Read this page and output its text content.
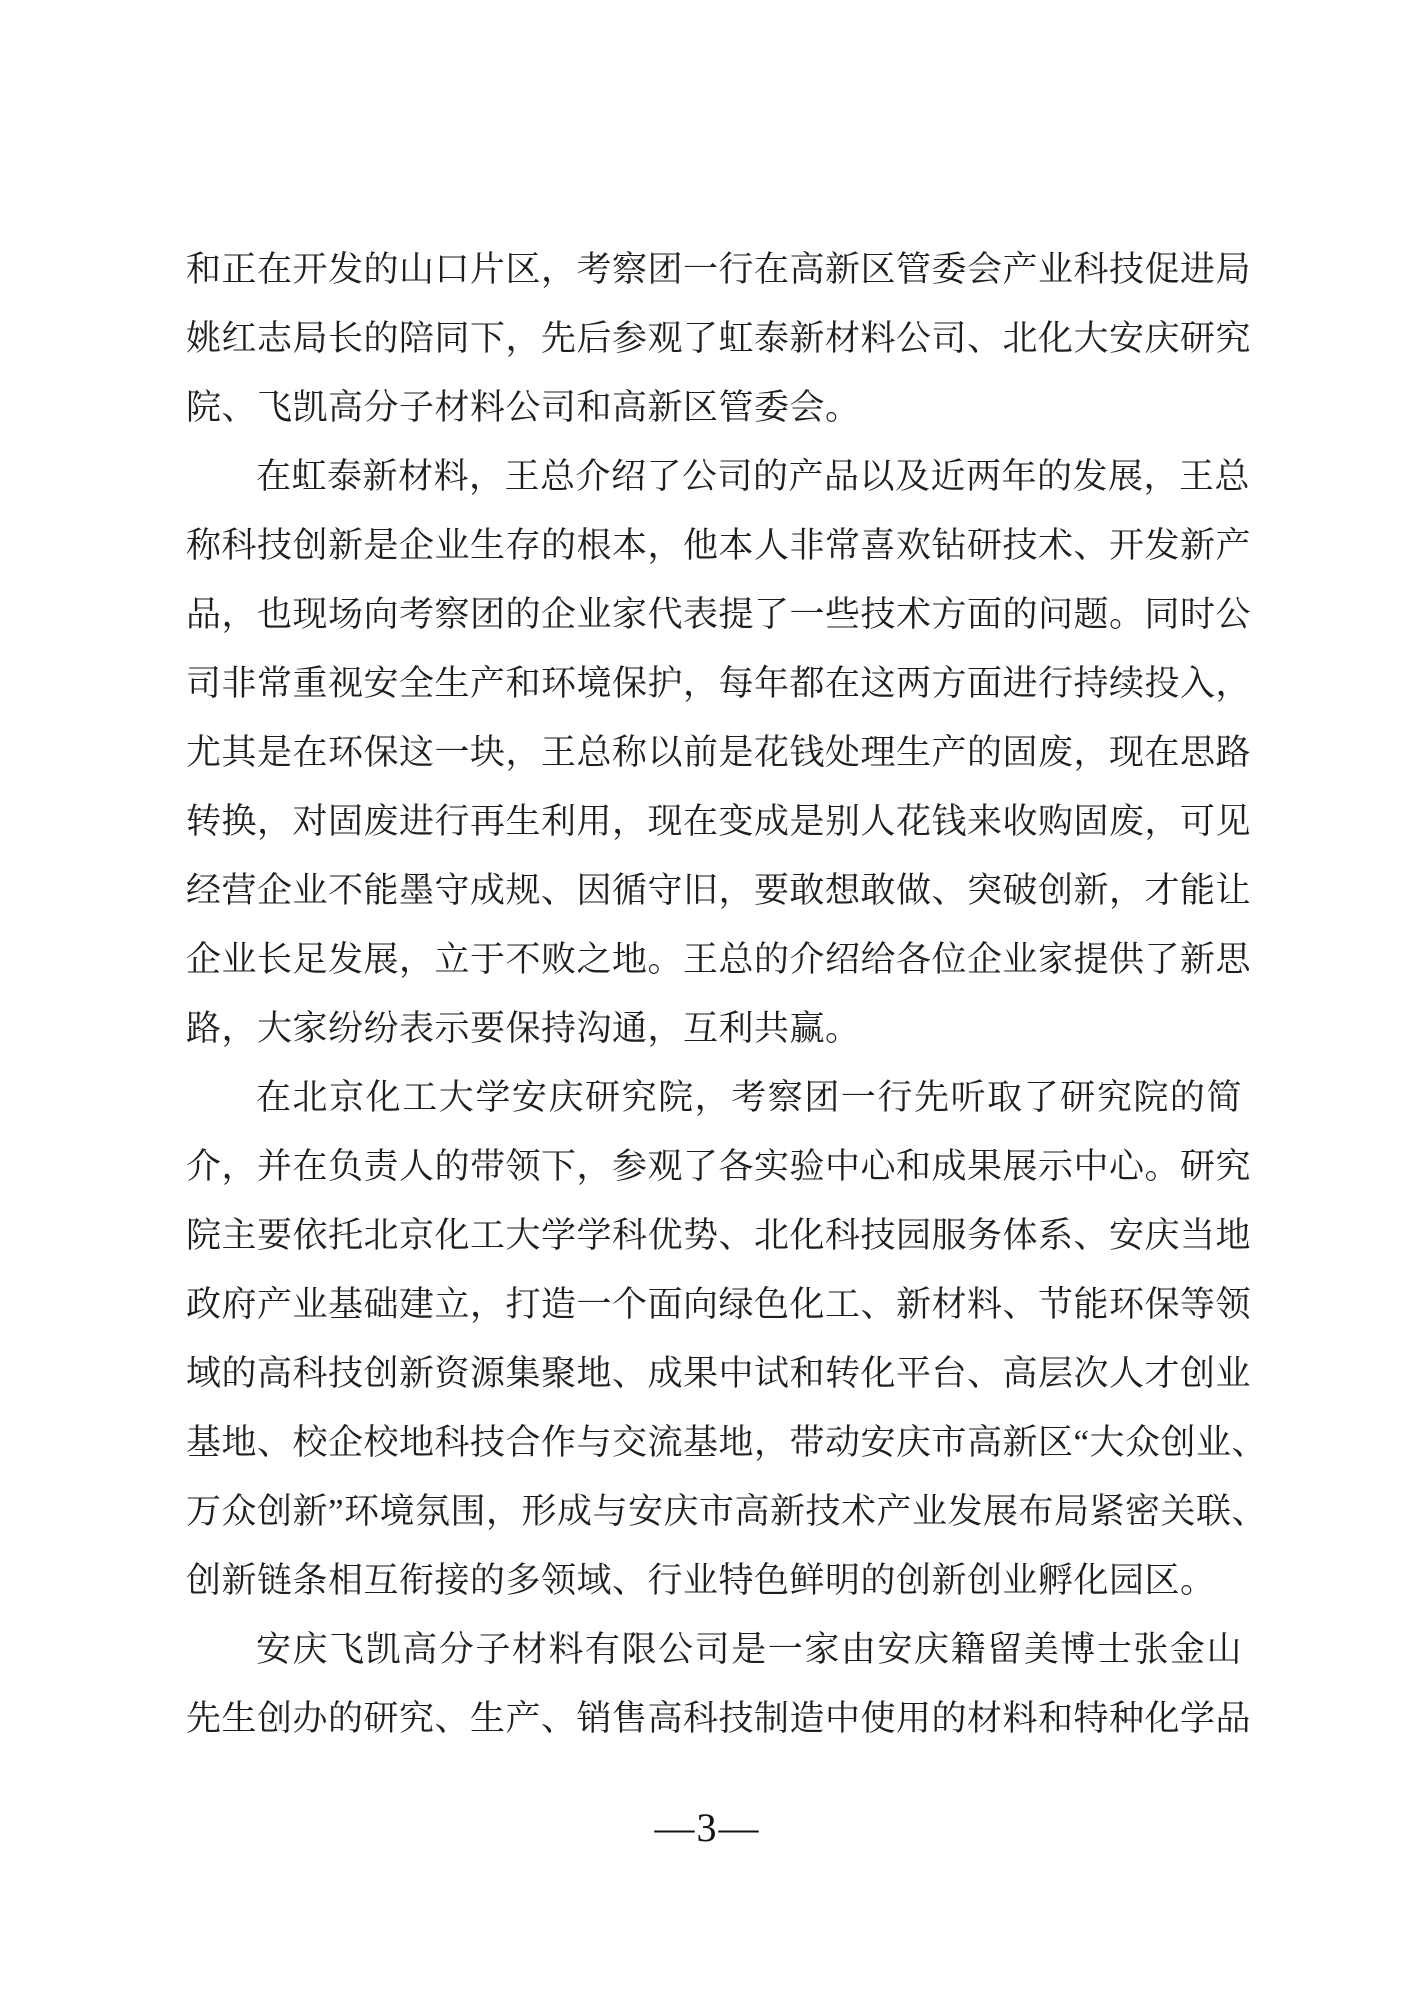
和正在开发的山口片区，考察团一行在高新区管委会产业科技促进局
姚红志局长的陪同下，先后参观了虹泰新材料公司、北化大安庆研究
院、飞凯高分子材料公司和高新区管委会。
在虹泰新材料，王总介绍了公司的产品以及近两年的发展，王总
称科技创新是企业生存的根本，他本人非常喜欢钻研技术、开发新产
品，也现场向考察团的企业家代表提了一些技术方面的问题。同时公
司非常重视安全生产和环境保护，每年都在这两方面进行持续投入，
尤其是在环保这一块，王总称以前是花钱处理生产的固废，现在思路
转换，对固废进行再生利用，现在变成是别人花钱来收购固废，可见
经营企业不能墨守成规、因循守旧，要敢想敢做、突破创新，才能让
企业长足发展，立于不败之地。王总的介绍给各位企业家提供了新思
路，大家纷纷表示要保持沟通，互利共赢。
在北京化工大学安庆研究院，考察团一行先听取了研究院的简
介，并在负责人的带领下，参观了各实验中心和成果展示中心。研究
院主要依托北京化工大学学科优势、北化科技园服务体系、安庆当地
政府产业基础建立，打造一个面向绿色化工、新材料、节能环保等领
域的高科技创新资源集聚地、成果中试和转化平台、高层次人才创业
基地、校企校地科技合作与交流基地，带动安庆市高新区“大众创业、
万众创新”环境氛围，形成与安庆市高新技术产业发展布局紧密关联、
创新链条相互衔接的多领域、行业特色鲜明的创新创业孵化园区。
安庆飞凯高分子材料有限公司是一家由安庆籍留美博士张金山
先生创办的研究、生产、销售高科技制造中使用的材料和特种化学品
—3—
